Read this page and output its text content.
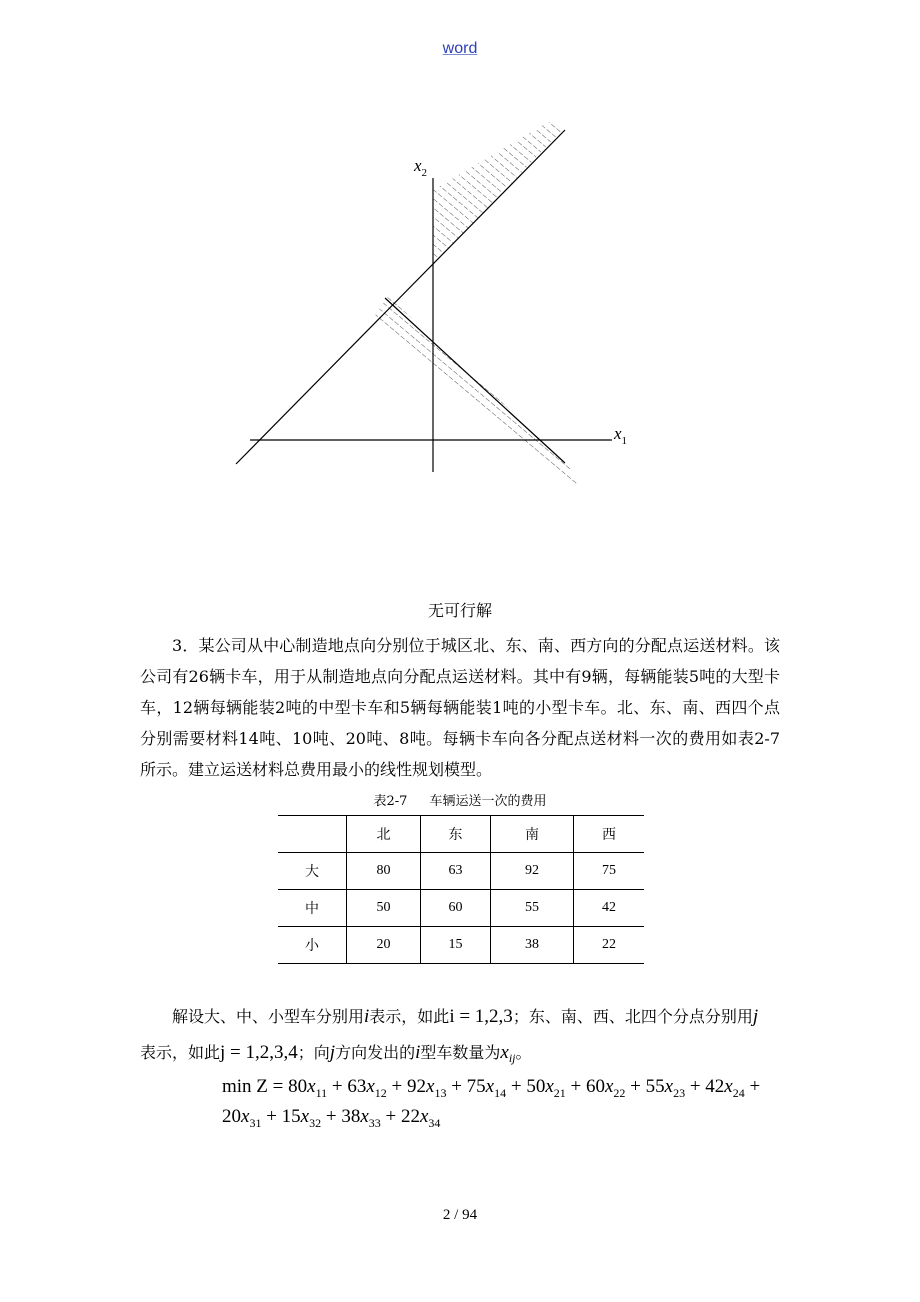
word
$x_2$
$x_1$
无可行解

3．某公司从中心制造地点向分别位于城区北、东、南、西方向的分配点运送材料。该公司有26辆卡车，用于从制造地点向分配点运送材料。其中有9辆，每辆能装5吨的大型卡车，12辆每辆能装2吨的中型卡车和5辆每辆能装1吨的小型卡车。北、东、南、西四个点分别需要材料14吨、10吨、20吨、8吨。每辆卡车向各分配点送材料一次的费用如表2-7所示。建立运送材料总费用最小的线性规划模型。

表2-7 车辆运送一次的费用
	北	东	南	西
大	80	63	92	75
中	50	60	55	42
小	20	15	38	22
解设大、中、小型车分别用i表示，如此i = 1,2,3；东、南、西、北四个分点分别用j
表示，如此j = 1,2,3,4；向j方向发出的i型车数量为$x_{ij}$。
$\min Z = 80x_{11} + 63x_{12} + 92x_{13} + 75x_{14} + 50x_{21} + 60x_{22} + 55x_{23} + 42x_{24}$ +
$20x_{31} + 15x_{32} + 38x_{33} + 22x_{34}$
2 / 94
